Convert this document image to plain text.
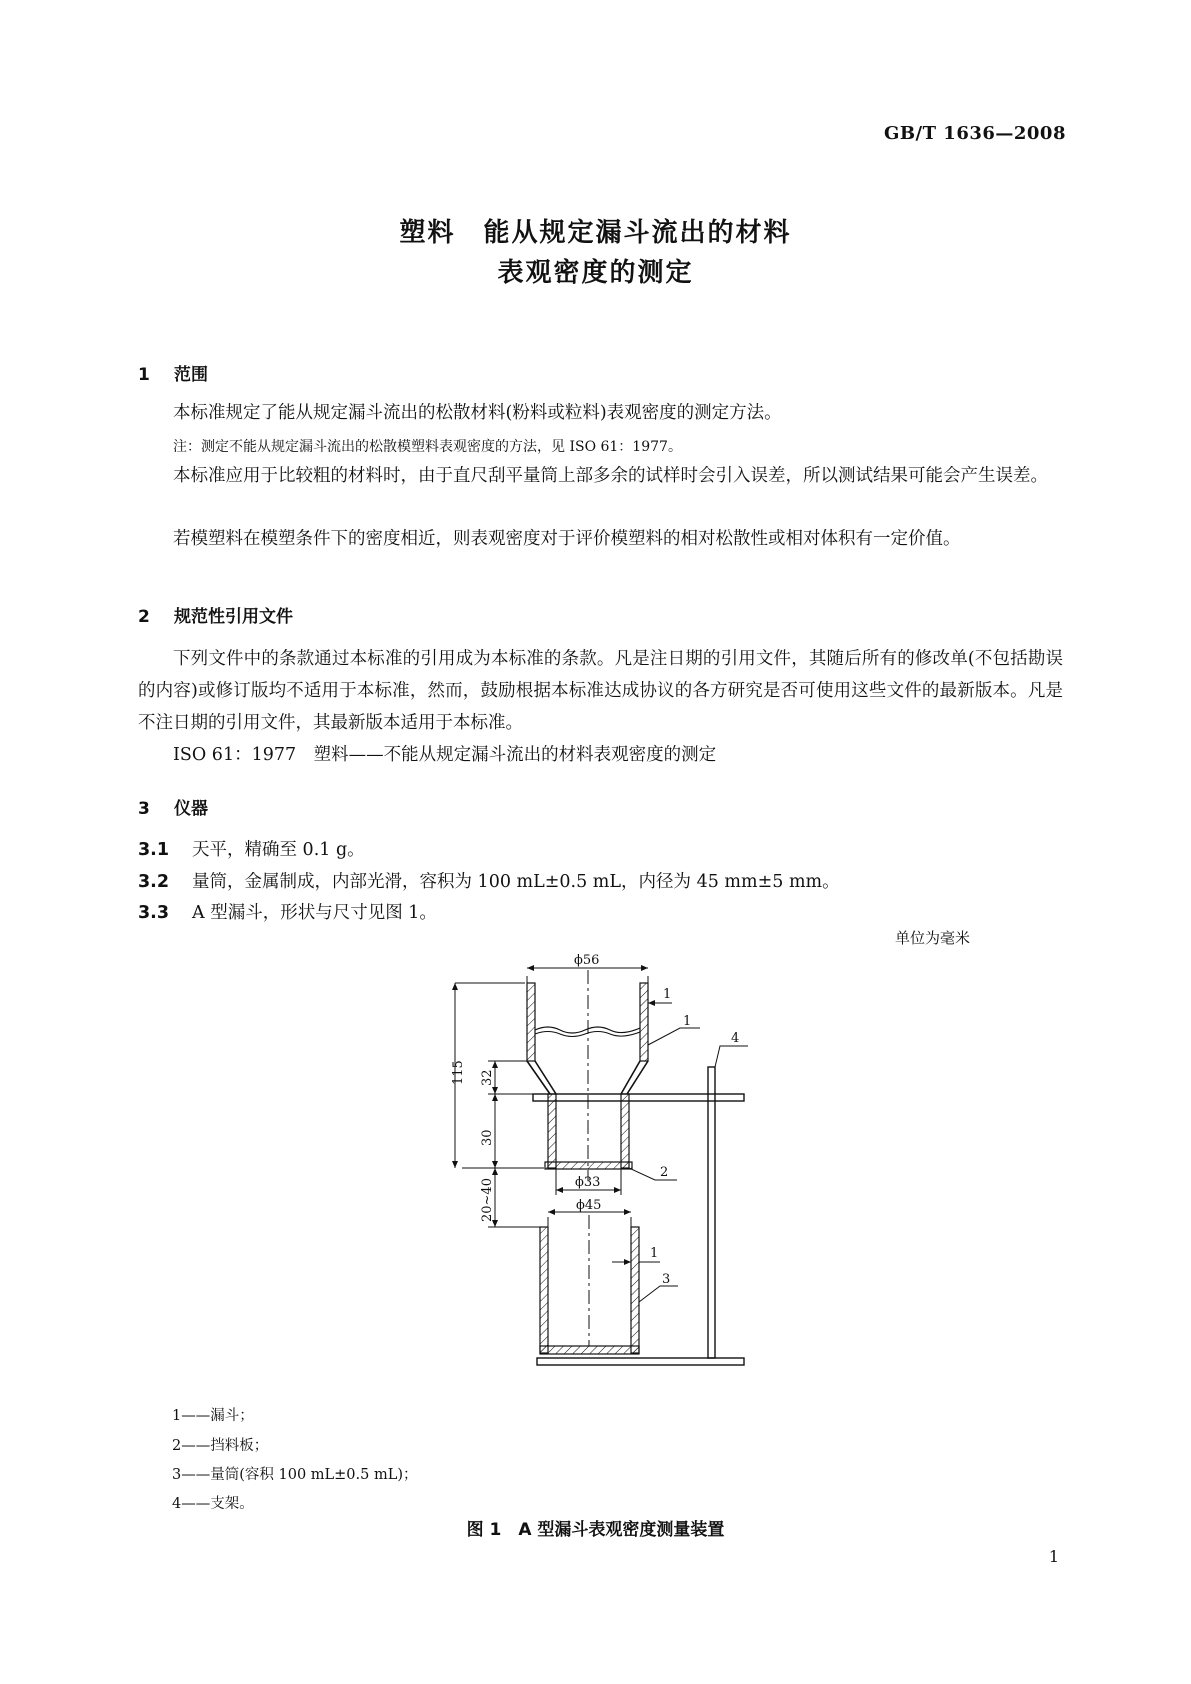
GB/T 1636—2008
塑料　能从规定漏斗流出的材料
表观密度的测定
1 范围
本标准规定了能从规定漏斗流出的松散材料(粉料或粒料)表观密度的测定方法。
注：测定不能从规定漏斗流出的松散模塑料表观密度的方法，见 ISO 61：1977。
本标准应用于比较粗的材料时，由于直尺刮平量筒上部多余的试样时会引入误差，所以测试结果可能会产生误差。
若模塑料在模塑条件下的密度相近，则表观密度对于评价模塑料的相对松散性或相对体积有一定价值。
2 规范性引用文件
下列文件中的条款通过本标准的引用成为本标准的条款。凡是注日期的引用文件，其随后所有的修改单(不包括勘误的内容)或修订版均不适用于本标准，然而，鼓励根据本标准达成协议的各方研究是否可使用这些文件的最新版本。凡是不注日期的引用文件，其最新版本适用于本标准。
ISO 61：1977　塑料——不能从规定漏斗流出的材料表观密度的测定
3 仪器
3.1 天平，精确至 0.1 g。
3.2 量筒，金属制成，内部光滑，容积为 100 mL±0.5 mL，内径为 45 mm±5 mm。
3.3 A 型漏斗，形状与尺寸见图 1。
单位为毫米
ϕ56
ϕ33
ϕ45
1
1
1
2
3
4
115 32
30
20~40
1——漏斗；
2——挡料板；
3——量筒(容积 100 mL±0.5 mL)；
4——支架。
图 1　A 型漏斗表观密度测量装置
1
